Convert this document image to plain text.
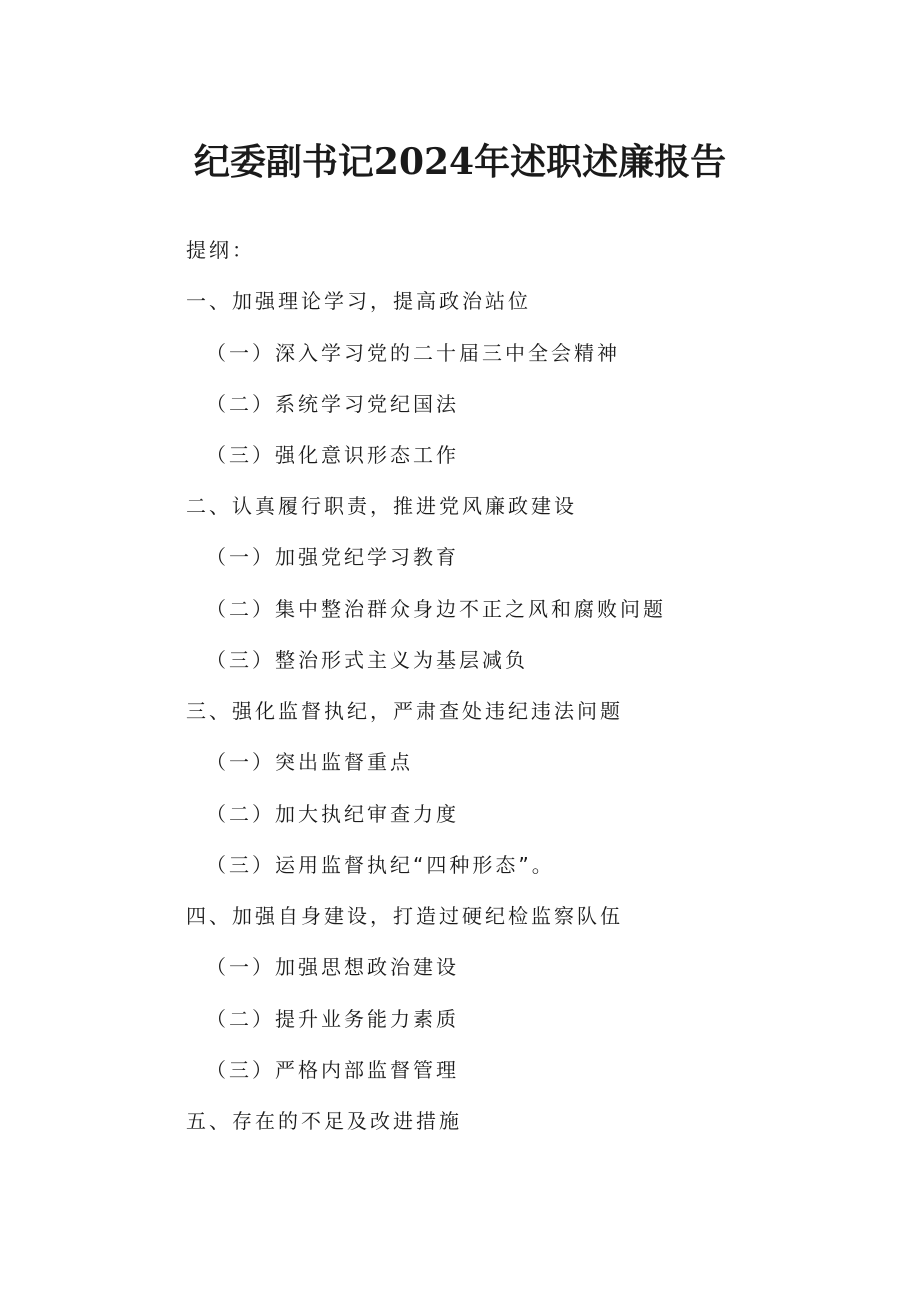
纪委副书记2024年述职述廉报告
提纲：
一、加强理论学习，提高政治站位
（一）深入学习党的二十届三中全会精神
（二）系统学习党纪国法
（三）强化意识形态工作
二、认真履行职责，推进党风廉政建设
（一）加强党纪学习教育
（二）集中整治群众身边不正之风和腐败问题
（三）整治形式主义为基层减负
三、强化监督执纪，严肃查处违纪违法问题
（一）突出监督重点
（二）加大执纪审查力度
（三）运用监督执纪“四种形态”。
四、加强自身建设，打造过硬纪检监察队伍
（一）加强思想政治建设
（二）提升业务能力素质
（三）严格内部监督管理
五、存在的不足及改进措施
